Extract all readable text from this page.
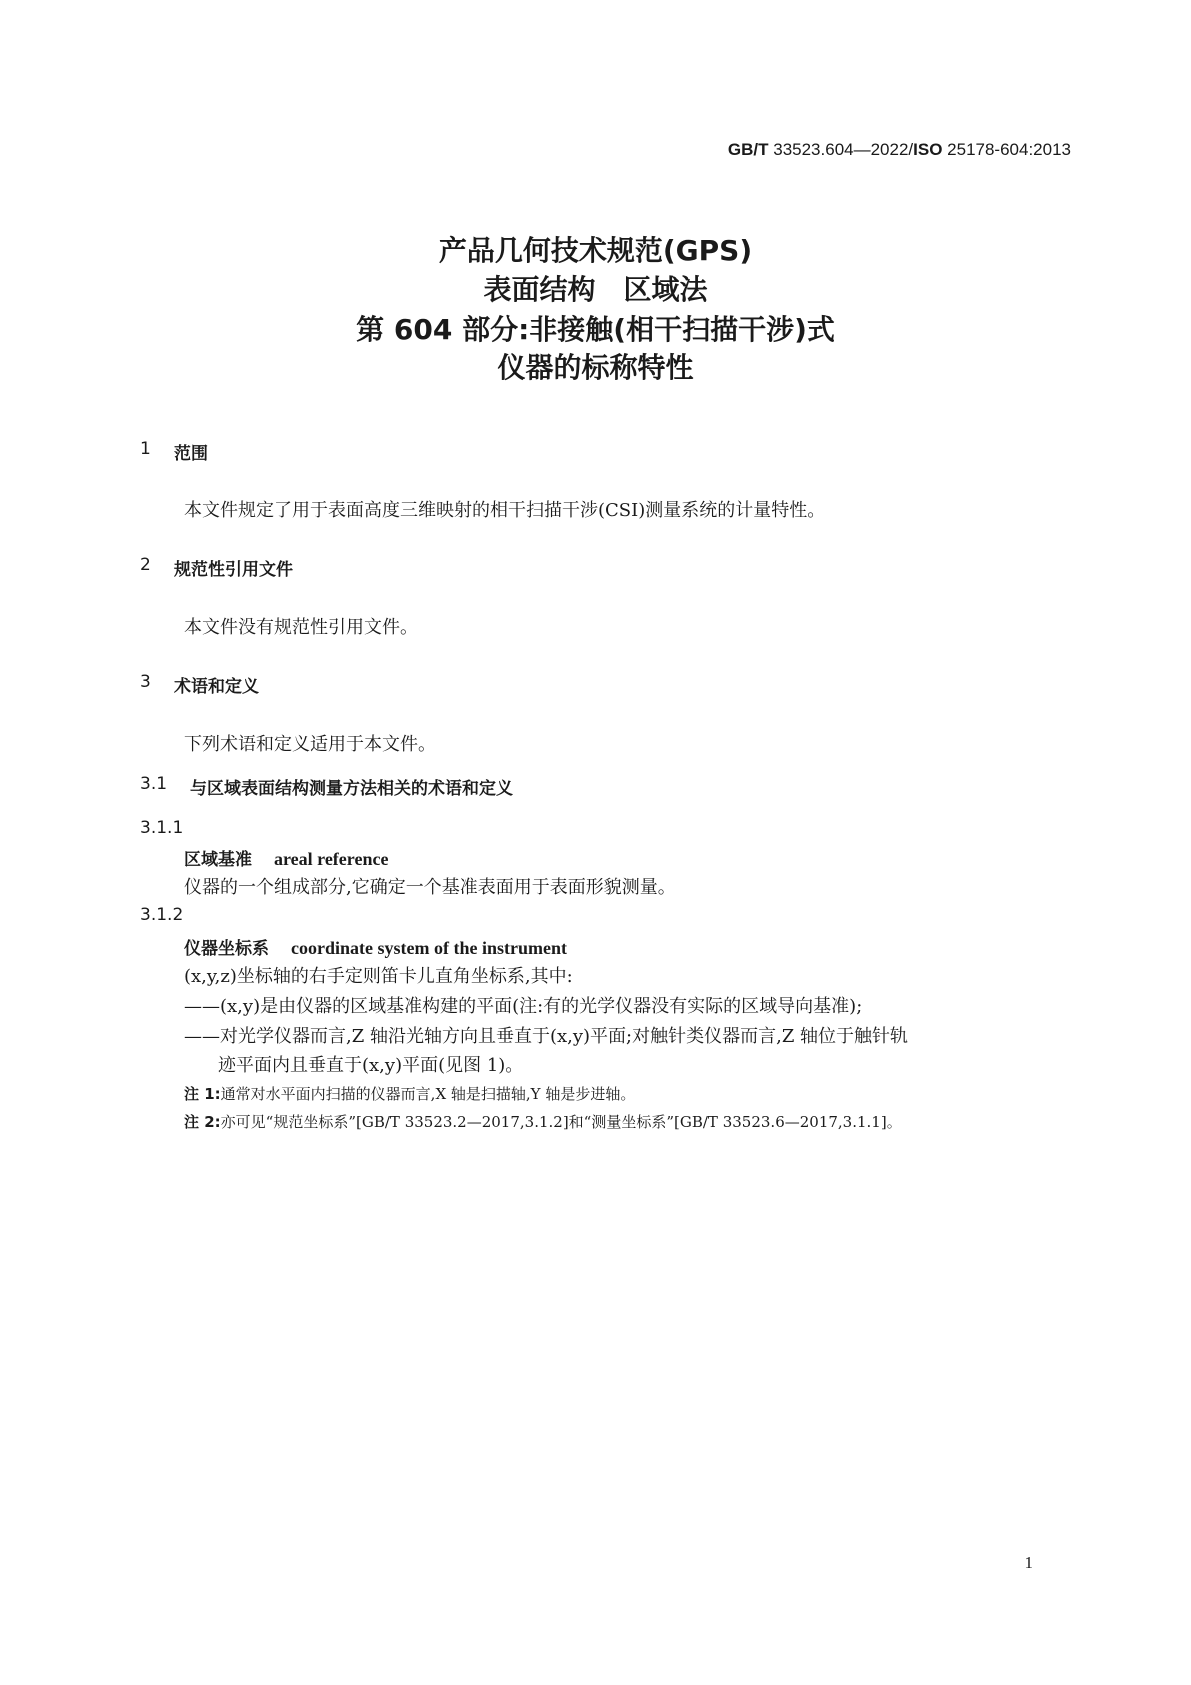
GB/T 33523.604—2022/ISO 25178-604:2013
产品几何技术规范(GPS)
表面结构　区域法
第 604 部分:非接触(相干扫描干涉)式
仪器的标称特性
1 范围
本文件规定了用于表面高度三维映射的相干扫描干涉(CSI)测量系统的计量特性。
2 规范性引用文件
本文件没有规范性引用文件。
3 术语和定义
下列术语和定义适用于本文件。
3.1 与区域表面结构测量方法相关的术语和定义
3.1.1
区域基准 areal reference
仪器的一个组成部分,它确定一个基准表面用于表面形貌测量。
3.1.2
仪器坐标系 coordinate system of the instrument
(x,y,z)坐标轴的右手定则笛卡儿直角坐标系,其中:
——(x,y)是由仪器的区域基准构建的平面(注:有的光学仪器没有实际的区域导向基准);
——对光学仪器而言,Z 轴沿光轴方向且垂直于(x,y)平面;对触针类仪器而言,Z 轴位于触针轨
迹平面内且垂直于(x,y)平面(见图 1)。
注 1:通常对水平面内扫描的仪器而言,X 轴是扫描轴,Y 轴是步进轴。
注 2:亦可见“规范坐标系”[GB/T 33523.2—2017,3.1.2]和“测量坐标系”[GB/T 33523.6—2017,3.1.1]。
1
